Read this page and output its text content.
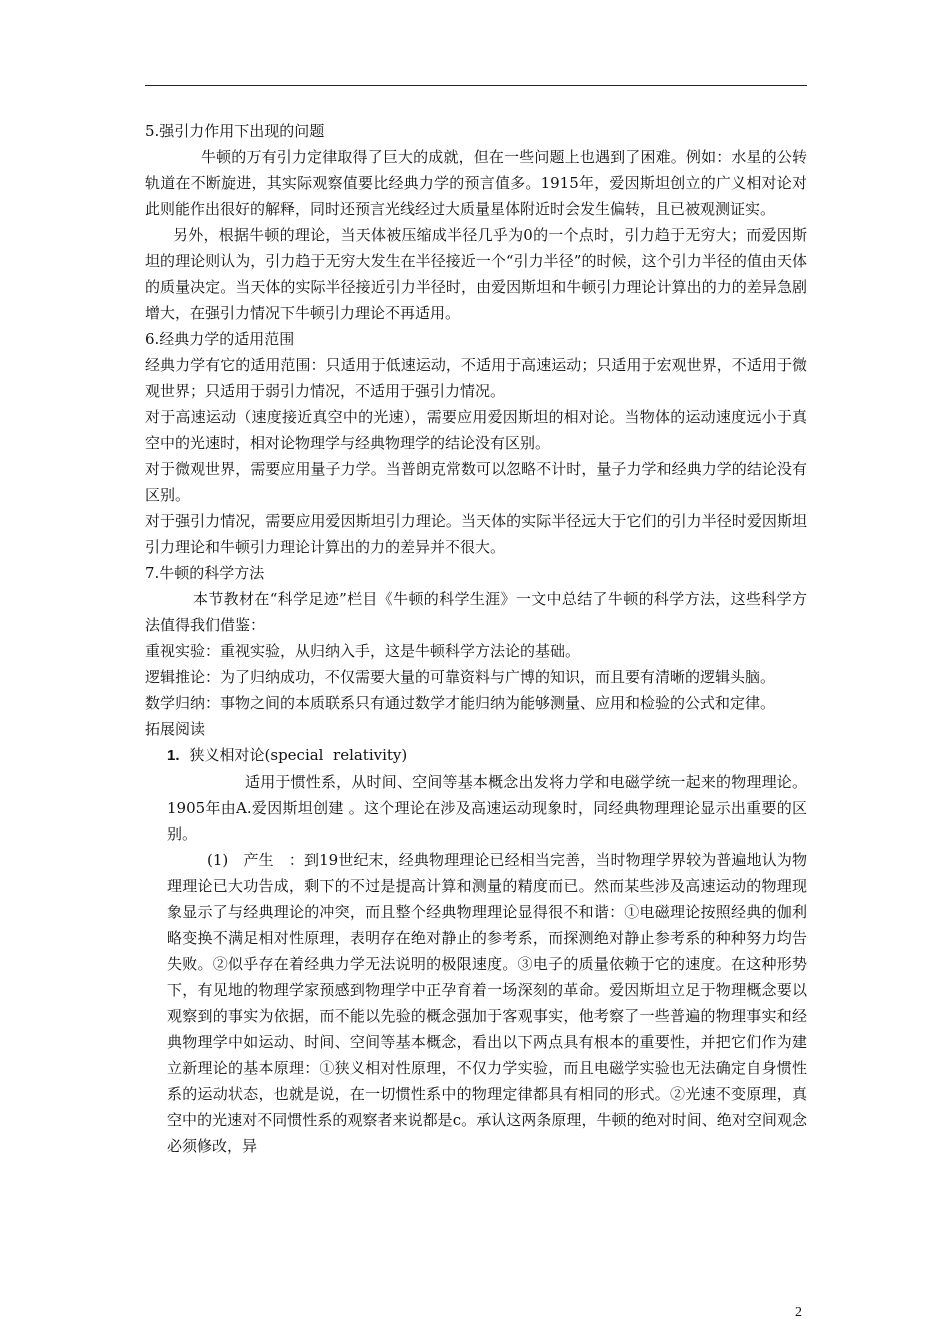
5.强引力作用下出现的问题

牛顿的万有引力定律取得了巨大的成就，但在一些问题上也遇到了困难。例如：水星的公转轨道在不断旋进，其实际观察值要比经典力学的预言值多。1915年，爱因斯坦创立的广义相对论对此则能作出很好的解释，同时还预言光线经过大质量星体附近时会发生偏转，且已被观测证实。

另外，根据牛顿的理论，当天体被压缩成半径几乎为0的一个点时，引力趋于无穷大；而爱因斯坦的理论则认为，引力趋于无穷大发生在半径接近一个“引力半径”的时候，这个引力半径的值由天体的质量决定。当天体的实际半径接近引力半径时，由爱因斯坦和牛顿引力理论计算出的力的差异急剧增大，在强引力情况下牛顿引力理论不再适用。

6.经典力学的适用范围

经典力学有它的适用范围：只适用于低速运动，不适用于高速运动；只适用于宏观世界，不适用于微观世界；只适用于弱引力情况，不适用于强引力情况。

对于高速运动（速度接近真空中的光速），需要应用爱因斯坦的相对论。当物体的运动速度远小于真空中的光速时，相对论物理学与经典物理学的结论没有区别。

对于微观世界，需要应用量子力学。当普朗克常数可以忽略不计时，量子力学和经典力学的结论没有区别。

对于强引力情况，需要应用爱因斯坦引力理论。当天体的实际半径远大于它们的引力半径时爱因斯坦引力理论和牛顿引力理论计算出的力的差异并不很大。

7.牛顿的科学方法

本节教材在“科学足迹”栏目《牛顿的科学生涯》一文中总结了牛顿的科学方法，这些科学方法值得我们借鉴：

重视实验：重视实验，从归纳入手，这是牛顿科学方法论的基础。

逻辑推论：为了归纳成功，不仅需要大量的可靠资料与广博的知识，而且要有清晰的逻辑头脑。

数学归纳：事物之间的本质联系只有通过数学才能归纳为能够测量、应用和检验的公式和定律。

拓展阅读

1. 狭义相对论(special  relativity)

适用于惯性系，从时间、空间等基本概念出发将力学和电磁学统一起来的物理理论。1905年由A.爱因斯坦创建 。这个理论在涉及高速运动现象时，同经典物理理论显示出重要的区别。

(1)　产生　：到19世纪末，经典物理理论已经相当完善，当时物理学界较为普遍地认为物理理论已大功告成，剩下的不过是提高计算和测量的精度而已。然而某些涉及高速运动的物理现象显示了与经典理论的冲突，而且整个经典物理理论显得很不和谐：①电磁理论按照经典的伽利略变换不满足相对性原理，表明存在绝对静止的参考系，而探测绝对静止参考系的种种努力均告失败。②似乎存在着经典力学无法说明的极限速度。③电子的质量依赖于它的速度。在这种形势下，有见地的物理学家预感到物理学中正孕育着一场深刻的革命。爱因斯坦立足于物理概念要以观察到的事实为依据，而不能以先验的概念强加于客观事实，他考察了一些普遍的物理事实和经典物理学中如运动、时间、空间等基本概念，看出以下两点具有根本的重要性，并把它们作为建立新理论的基本原理：①狭义相对性原理，不仅力学实验，而且电磁学实验也无法确定自身惯性系的运动状态，也就是说，在一切惯性系中的物理定律都具有相同的形式。②光速不变原理，真空中的光速对不同惯性系的观察者来说都是c。承认这两条原理，牛顿的绝对时间、绝对空间观念必须修改，异

2
